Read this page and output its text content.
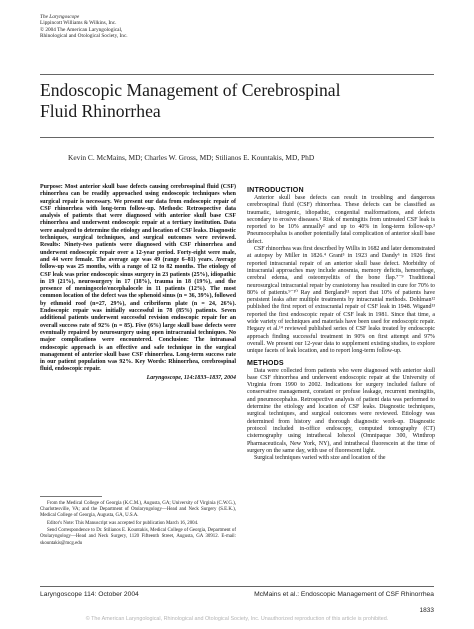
The Laryngoscope
Lippincott Williams & Wilkins, Inc.
© 2004 The American Laryngological,
Rhinological and Otological Society, Inc.
Endoscopic Management of Cerebrospinal
Fluid Rhinorrhea
Kevin C. McMains, MD; Charles W. Gross, MD; Stilianos E. Kountakis, MD, PhD

Purpose: Most anterior skull base defects causing cerebrospinal fluid (CSF) rhinorrhea can be readily approached using endoscopic techniques when surgical repair is necessary. We present our data from endoscopic repair of CSF rhinorrhea with long-term follow-up. Methods: Retrospective data analysis of patients that were diagnosed with anterior skull base CSF rhinorrhea and underwent endoscopic repair at a tertiary institution. Data were analyzed to determine the etiology and location of CSF leaks. Diagnostic techniques, surgical techniques, and surgical outcomes were reviewed. Results: Ninety-two patients were diagnosed with CSF rhinorrhea and underwent endoscopic repair over a 12-year period. Forty-eight were male, and 44 were female. The average age was 49 (range 6–81) years. Average follow-up was 25 months, with a range of 12 to 82 months. The etiology of CSF leak was prior endoscopic sinus surgery in 23 patients (25%), idiopathic in 19 (21%), neurosurgery in 17 (18%), trauma in 18 (19%), and the presence of meningocele/encephalocele in 11 patients (12%). The most common location of the defect was the sphenoid sinus (n = 36, 39%), followed by ethmoid roof (n=27, 29%), and cribriform plate (n = 24, 26%). Endoscopic repair was initially successful in 78 (85%) patients. Seven additional patients underwent successful revision endoscopic repair for an overall success rate of 92% (n = 85). Five (6%) large skull base defects were eventually repaired by neurosurgery using open intracranial techniques. No major complications were encountered. Conclusion: The intranasal endoscopic approach is an effective and safe technique in the surgical management of anterior skull base CSF rhinorrhea. Long-term success rate in our patient population was 92%. Key Words: Rhinorrhea, cerebrospinal fluid, endoscopic repair.

Laryngoscope, 114:1833–1837, 2004

From the Medical College of Georgia (K.C.M.), Augusta, GA; University of Virginia (C.W.G.), Charlottesville, VA; and the Department of Otolaryngology—Head and Neck Surgery (S.E.K.), Medical College of Georgia, Augusta, GA, U.S.A.

Editor's Note: This Manuscript was accepted for publication March 16, 2004.

Send Correspondence to Dr. Stilianos E. Kountakis, Medical College of Georgia, Department of Otolaryngology—Head and Neck Surgery, 1120 Fifteenth Street, Augusta, GA 30912. E-mail: skountakis@mcg.edu

INTRODUCTION

Anterior skull base defects can result in troubling and dangerous cerebrospinal fluid (CSF) rhinorrhea. These defects can be classified as traumatic, iatrogenic, idiopathic, congenital malformations, and defects secondary to erosive diseases.¹ Risk of meningitis from untreated CSF leak is reported to be 10% annually² and up to 40% in long-term follow-up.³ Pneumocephalus is another potentially fatal complication of anterior skull base defect.

CSF rhinorrhea was first described by Willis in 1682 and later demonstrated at autopsy by Miller in 1826.⁴ Grant⁵ in 1923 and Dandy⁶ in 1926 first reported intracranial repair of an anterior skull base defect. Morbidity of intracranial approaches may include anosmia, memory deficits, hemorrhage, cerebral edema, and osteomyelitis of the bone flap.⁷⁻⁹ Traditional neurosurgical intracranial repair by craniotomy has resulted in cure for 70% to 80% of patients.⁹⁻¹⁰ Ray and Bergland¹¹ report that 10% of patients have persistent leaks after multiple treatments by intracranial methods. Dohlman¹² published the first report of extracranial repair of CSF leak in 1948. Wigand¹³ reported the first endoscopic repair of CSF leak in 1981. Since that time, a wide variety of techniques and materials have been used for endoscopic repair. Hegazy et al.¹⁴ reviewed published series of CSF leaks treated by endoscopic approach finding successful treatment in 90% on first attempt and 97% overall. We present our 12-year data to supplement existing studies, to explore unique facets of leak location, and to report long-term follow-up.

METHODS

Data were collected from patients who were diagnosed with anterior skull base CSF rhinorrhea and underwent endoscopic repair at the University of Virginia from 1990 to 2002. Indications for surgery included failure of conservative management, constant or profuse leakage, recurrent meningitis, and pneumocephalus. Retrospective analysis of patient data was performed to determine the etiology and location of CSF leaks. Diagnostic techniques, surgical techniques, and surgical outcomes were reviewed. Etiology was determined from history and thorough diagnostic work-up. Diagnostic protocol included in-office endoscopy, computed tomography (CT) cisternography using intrathecal Iohexol (Omnipaque 300, Winthrop Pharmaceuticals, New York, NY), and intrathecal fluorescein at the time of surgery on the same day, with use of fluorescent light.

Surgical techniques varied with size and location of the

Laryngoscope 114: October 2004	McMains et al.: Endoscopic Management of CSF Rhinorrhea
1833
© The American Laryngological, Rhinological and Otological Society, Inc. Unauthorized reproduction of this article is prohibited.
